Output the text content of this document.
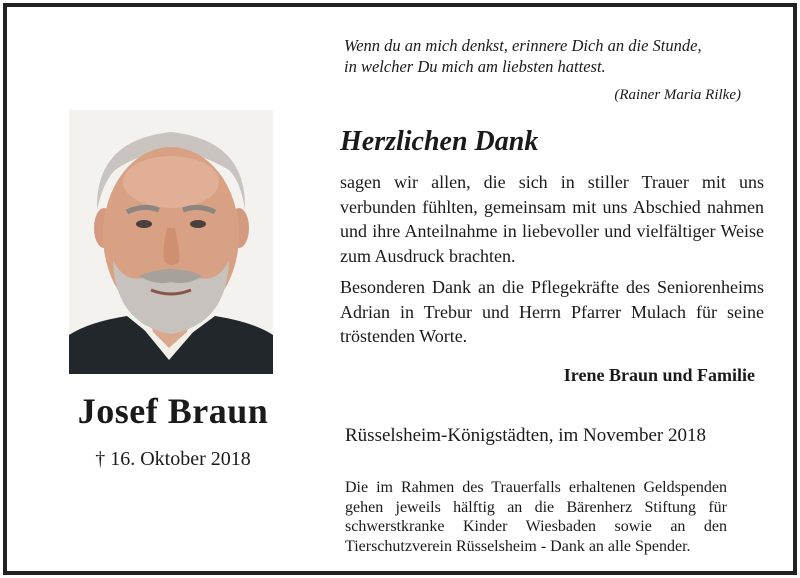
Josef Braun
† 16. Oktober 2018
Wenn du an mich denkst, erinnere Dich an die Stunde,
in welcher Du mich am liebsten hattest.
(Rainer Maria Rilke)
Herzlichen Dank
sagen wir allen, die sich in stiller Trauer mit uns verbunden fühlten, gemeinsam mit uns Abschied nahmen und ihre Anteilnahme in liebevoller und vielfältiger Weise zum Ausdruck brachten.
Besonderen Dank an die Pflegekräfte des Seniorenheims Adrian in Trebur und Herrn Pfarrer Mulach für seine tröstenden Worte.
Irene Braun und Familie
Rüsselsheim-Königstädten, im November 2018
Die im Rahmen des Trauerfalls erhaltenen Geldspenden gehen jeweils hälftig an die Bärenherz Stiftung für schwerstkranke Kinder Wiesbaden sowie an den Tierschutzverein Rüsselsheim - Dank an alle Spender.
